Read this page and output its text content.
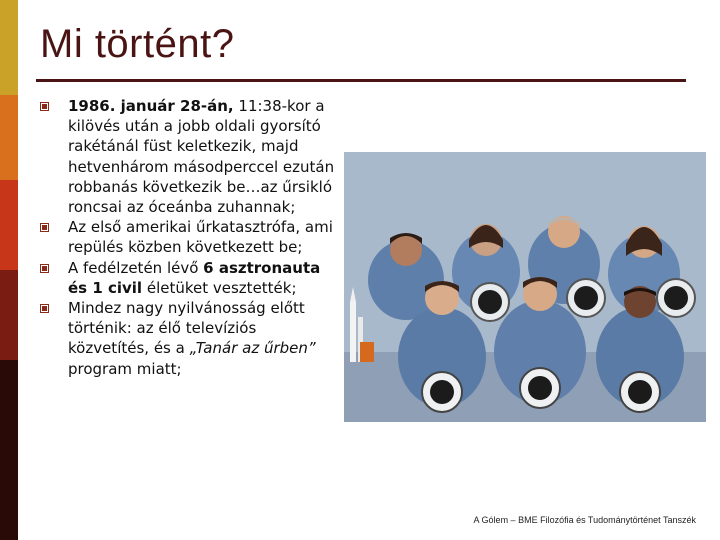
Mi történt?
1986. január 28-án, 11:38-kor a kilövés után a jobb oldali gyorsító rakétánál füst keletkezik, majd hetvenhárom másodperccel ezután robbanás következik be…az űrsikló roncsai az óceánba zuhannak;
Az első amerikai űrkatasztrófa, ami repülés közben következett be;
A fedélzetén lévő 6 asztronauta és 1 civil életüket vesztették;
Mindez nagy nyilvánosság előtt történik: az élő televíziós közvetítés, és a „Tanár az űrben” program miatt;
A Gólem – BME Filozófia és Tudománytörténet Tanszék
